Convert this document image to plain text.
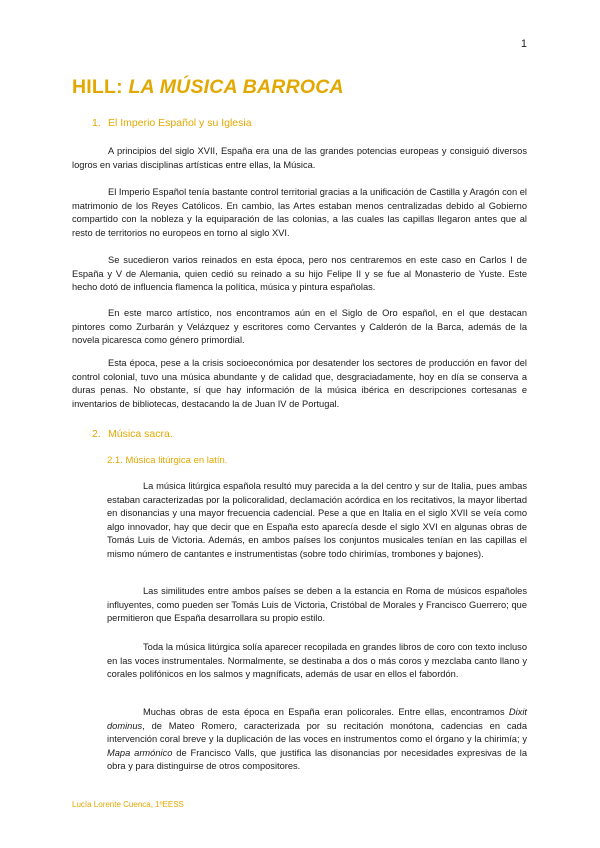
1
HILL: LA MÚSICA BARROCA
1. El Imperio Español y su Iglesia

A principios del siglo XVII, España era una de las grandes potencias europeas y consiguió diversos logros en varias disciplinas artísticas entre ellas, la Música.

El Imperio Español tenía bastante control territorial gracias a la unificación de Castilla y Aragón con el matrimonio de los Reyes Católicos. En cambio, las Artes estaban menos centralizadas debido al Gobierno compartido con la nobleza y la equiparación de las colonias, a las cuales las capillas llegaron antes que al resto de territorios no europeos en torno al siglo XVI.

Se sucedieron varios reinados en esta época, pero nos centraremos en este caso en Carlos I de España y V de Alemania, quien cedió su reinado a su hijo Felipe II y se fue al Monasterio de Yuste. Este hecho dotó de influencia flamenca la política, música y pintura españolas.

En este marco artístico, nos encontramos aún en el Siglo de Oro español, en el que destacan pintores como Zurbarán y Velázquez y escritores como Cervantes y Calderón de la Barca, además de la novela picaresca como género primordial.

Esta época, pese a la crisis socioeconómica por desatender los sectores de producción en favor del control colonial, tuvo una música abundante y de calidad que, desgraciadamente, hoy en día se conserva a duras penas. No obstante, sí que hay información de la música ibérica en descripciones cortesanas e inventarios de bibliotecas, destacando la de Juan IV de Portugal.

2. Música sacra.
2.1. Música litúrgica en latín.

La música litúrgica española resultó muy parecida a la del centro y sur de Italia, pues ambas estaban caracterizadas por la policoralidad, declamación acórdica en los recitativos, la mayor libertad en disonancias y una mayor frecuencia cadencial. Pese a que en Italia en el siglo XVII se veía como algo innovador, hay que decir que en España esto aparecía desde el siglo XVI en algunas obras de Tomás Luis de Victoria. Además, en ambos países los conjuntos musicales tenían en las capillas el mismo número de cantantes e instrumentistas (sobre todo chirimías, trombones y bajones).

Las similitudes entre ambos países se deben a la estancia en Roma de músicos españoles influyentes, como pueden ser Tomás Luis de Victoria, Cristóbal de Morales y Francisco Guerrero; que permitieron que España desarrollara su propio estilo.

Toda la música litúrgica solía aparecer recopilada en grandes libros de coro con texto incluso en las voces instrumentales. Normalmente, se destinaba a dos o más coros y mezclaba canto llano y corales polifónicos en los salmos y magníficats, además de usar en ellos el fabordón.

Muchas obras de esta época en España eran policorales. Entre ellas, encontramos Dixit dominus, de Mateo Romero, caracterizada por su recitación monótona, cadencias en cada intervención coral breve y la duplicación de las voces en instrumentos como el órgano y la chirimía; y Mapa armónico de Francisco Valls, que justifica las disonancias por necesidades expresivas de la obra y para distinguirse de otros compositores.

Lucía Lorente Cuenca, 1ºEESS
